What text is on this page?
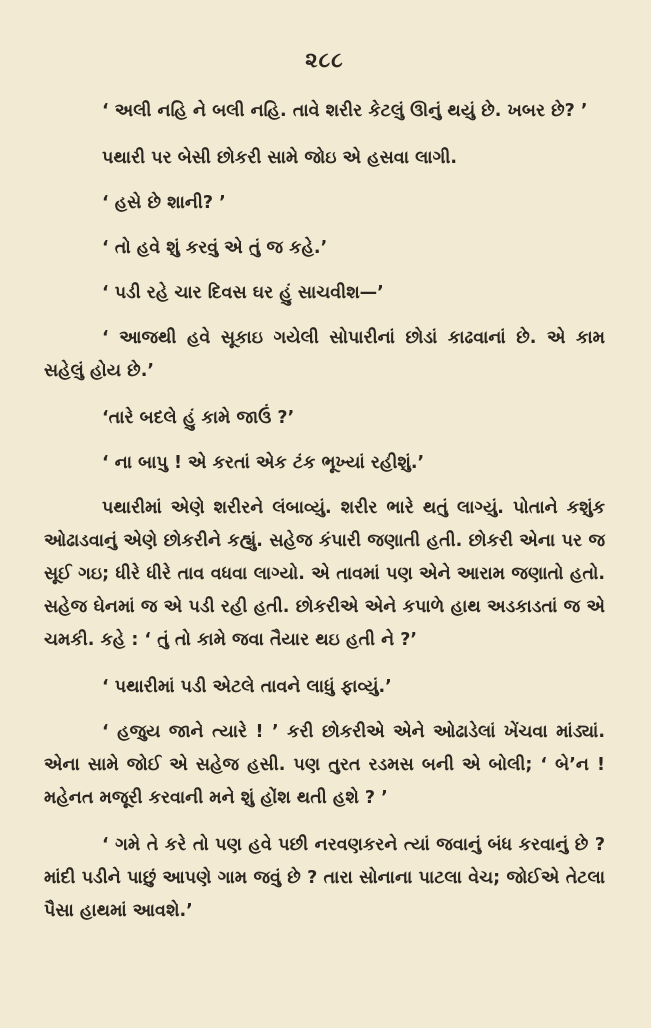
૨૮૮

‘ અલી નહિ ને બલી નહિ. તાવે શરીર કેટલું ઊનું થયું છે. ખબર છે? ’

પથારી પર બેસી છોકરી સામે જોઇ એ હસવા લાગી.

‘ હસે છે શાની? ’

‘ તો હવે શું કરવું એ તું જ કહે.’

‘ પડી રહે ચાર દિવસ ઘર હું સાચવીશ—’

‘ આજથી હવે સૂકાઇ ગયેલી સોપારીનાં છોડાં કાઢવાનાં છે. એ કામ સહેલું હોય છે.’

‘તારે બદલે હું કામે જાઉં ?’

‘ ના બાપુ ! એ કરતાં એક ટંક ભૂખ્યાં રહીશું.’

પથારીમાં એણે શરીરને લંબાવ્યું. શરીર ભારે થતું લાગ્યું. પોતાને કશુંક ઓઢાડવાનું એણે છોકરીને કહ્યું. સહેજ કંપારી જણાતી હતી. છોકરી એના પર જ સૂઈ ગઇ; ધીરે ધીરે તાવ વધવા લાગ્યો. એ તાવમાં પણ એને આરામ જણાતો હતો. સહેજ ઘેનમાં જ એ પડી રહી હતી. છોકરીએ એને કપાળે હાથ અડકાડતાં જ એ ચમકી. કહે : ‘ તું તો કામે જવા તૈયાર થઇ હતી ને ?’

‘ પથારીમાં પડી એટલે તાવને લાધું ફાવ્યું.’

‘ હજુય જાને ત્યારે ! ’ કરી છોકરીએ એને ઓઢાડેલાં ખેંચવા માંડ્યાં. એના સામે જોઈ એ સહેજ હસી. પણ તુરત રડમસ બની એ બોલી; ‘ બે’ન ! મહેનત મજૂરી કરવાની મને શું હોંશ થતી હશે ? ’

‘ ગમે તે કરે તો પણ હવે પછી નરવણકરને ત્યાં જવાનું બંધ કરવાનું છે ? માંદી પડીને પાછું આપણે ગામ જવું છે ? તારા સોનાના પાટલા વેચ; જોઈએ તેટલા પૈસા હાથમાં આવશે.’
